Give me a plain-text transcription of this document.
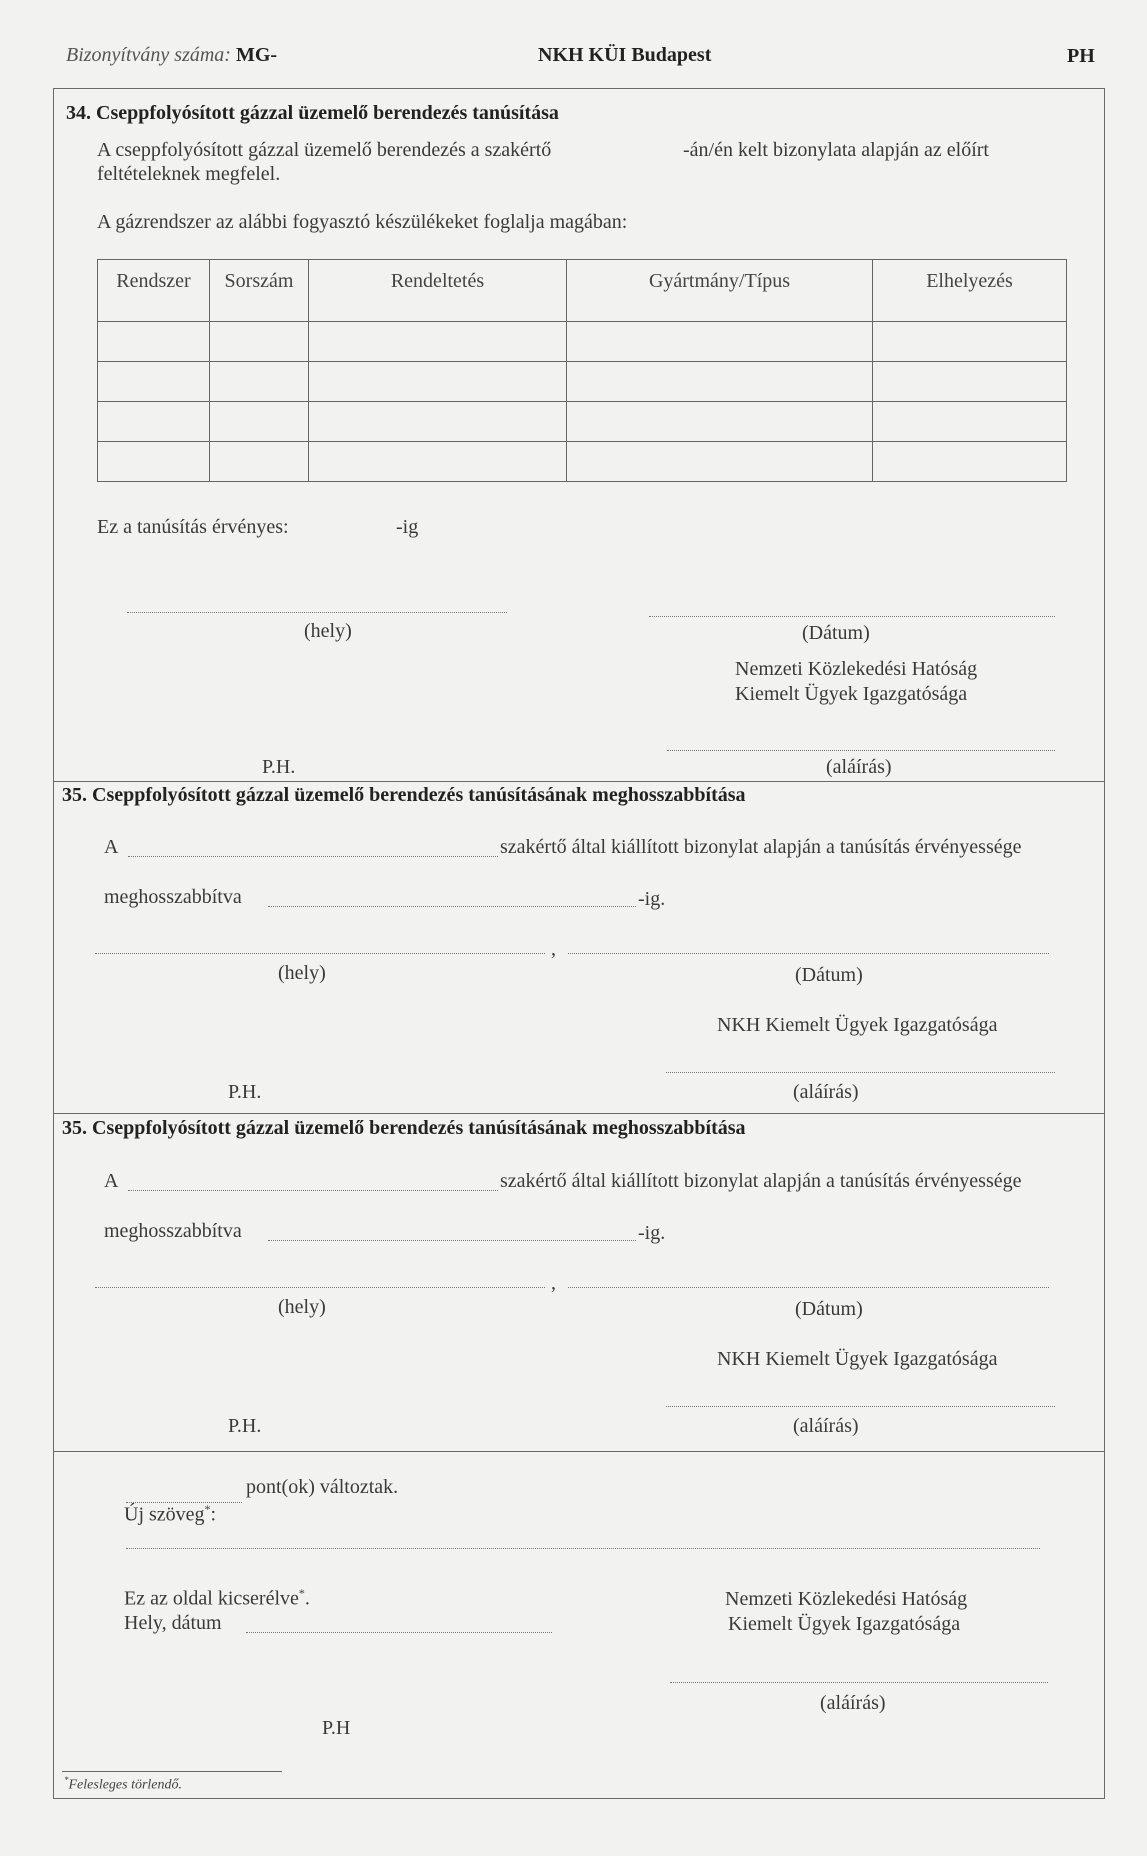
Bizonyítvány száma: MG-	NKH KÜI Budapest	PH
34. Cseppfolyósított gázzal üzemelő berendezés tanúsítása
A cseppfolyósított gázzal üzemelő berendezés a szakértő	-án/én kelt bizonylata alapján az előírt
feltételeknek megfelel.
A gázrendszer az alábbi fogyasztó készülékeket foglalja magában:
Rendszer	Sorszám	Rendeltetés	Gyártmány/Típus	Elhelyezés

Ez a tanúsítás érvényes:	-ig
(hely)	(Dátum)
Nemzeti Közlekedési Hatóság
Kiemelt Ügyek Igazgatósága
P.H.	(aláírás)
35. Cseppfolyósított gázzal üzemelő berendezés tanúsításának meghosszabbítása
A	szakértő által kiállított bizonylat alapján a tanúsítás érvényessége
meghosszabbítva	-ig.
,
(hely)	(Dátum)
NKH Kiemelt Ügyek Igazgatósága
P.H.	(aláírás)
35. Cseppfolyósított gázzal üzemelő berendezés tanúsításának meghosszabbítása
A	szakértő által kiállított bizonylat alapján a tanúsítás érvényessége
meghosszabbítva	-ig.
,
(hely)	(Dátum)
NKH Kiemelt Ügyek Igazgatósága
P.H.	(aláírás)
pont(ok) változtak.
Új szöveg*:
Ez az oldal kicserélve*.
Hely, dátum
Nemzeti Közlekedési Hatóság
Kiemelt Ügyek Igazgatósága
(aláírás)
P.H
*Felesleges törlendő.
